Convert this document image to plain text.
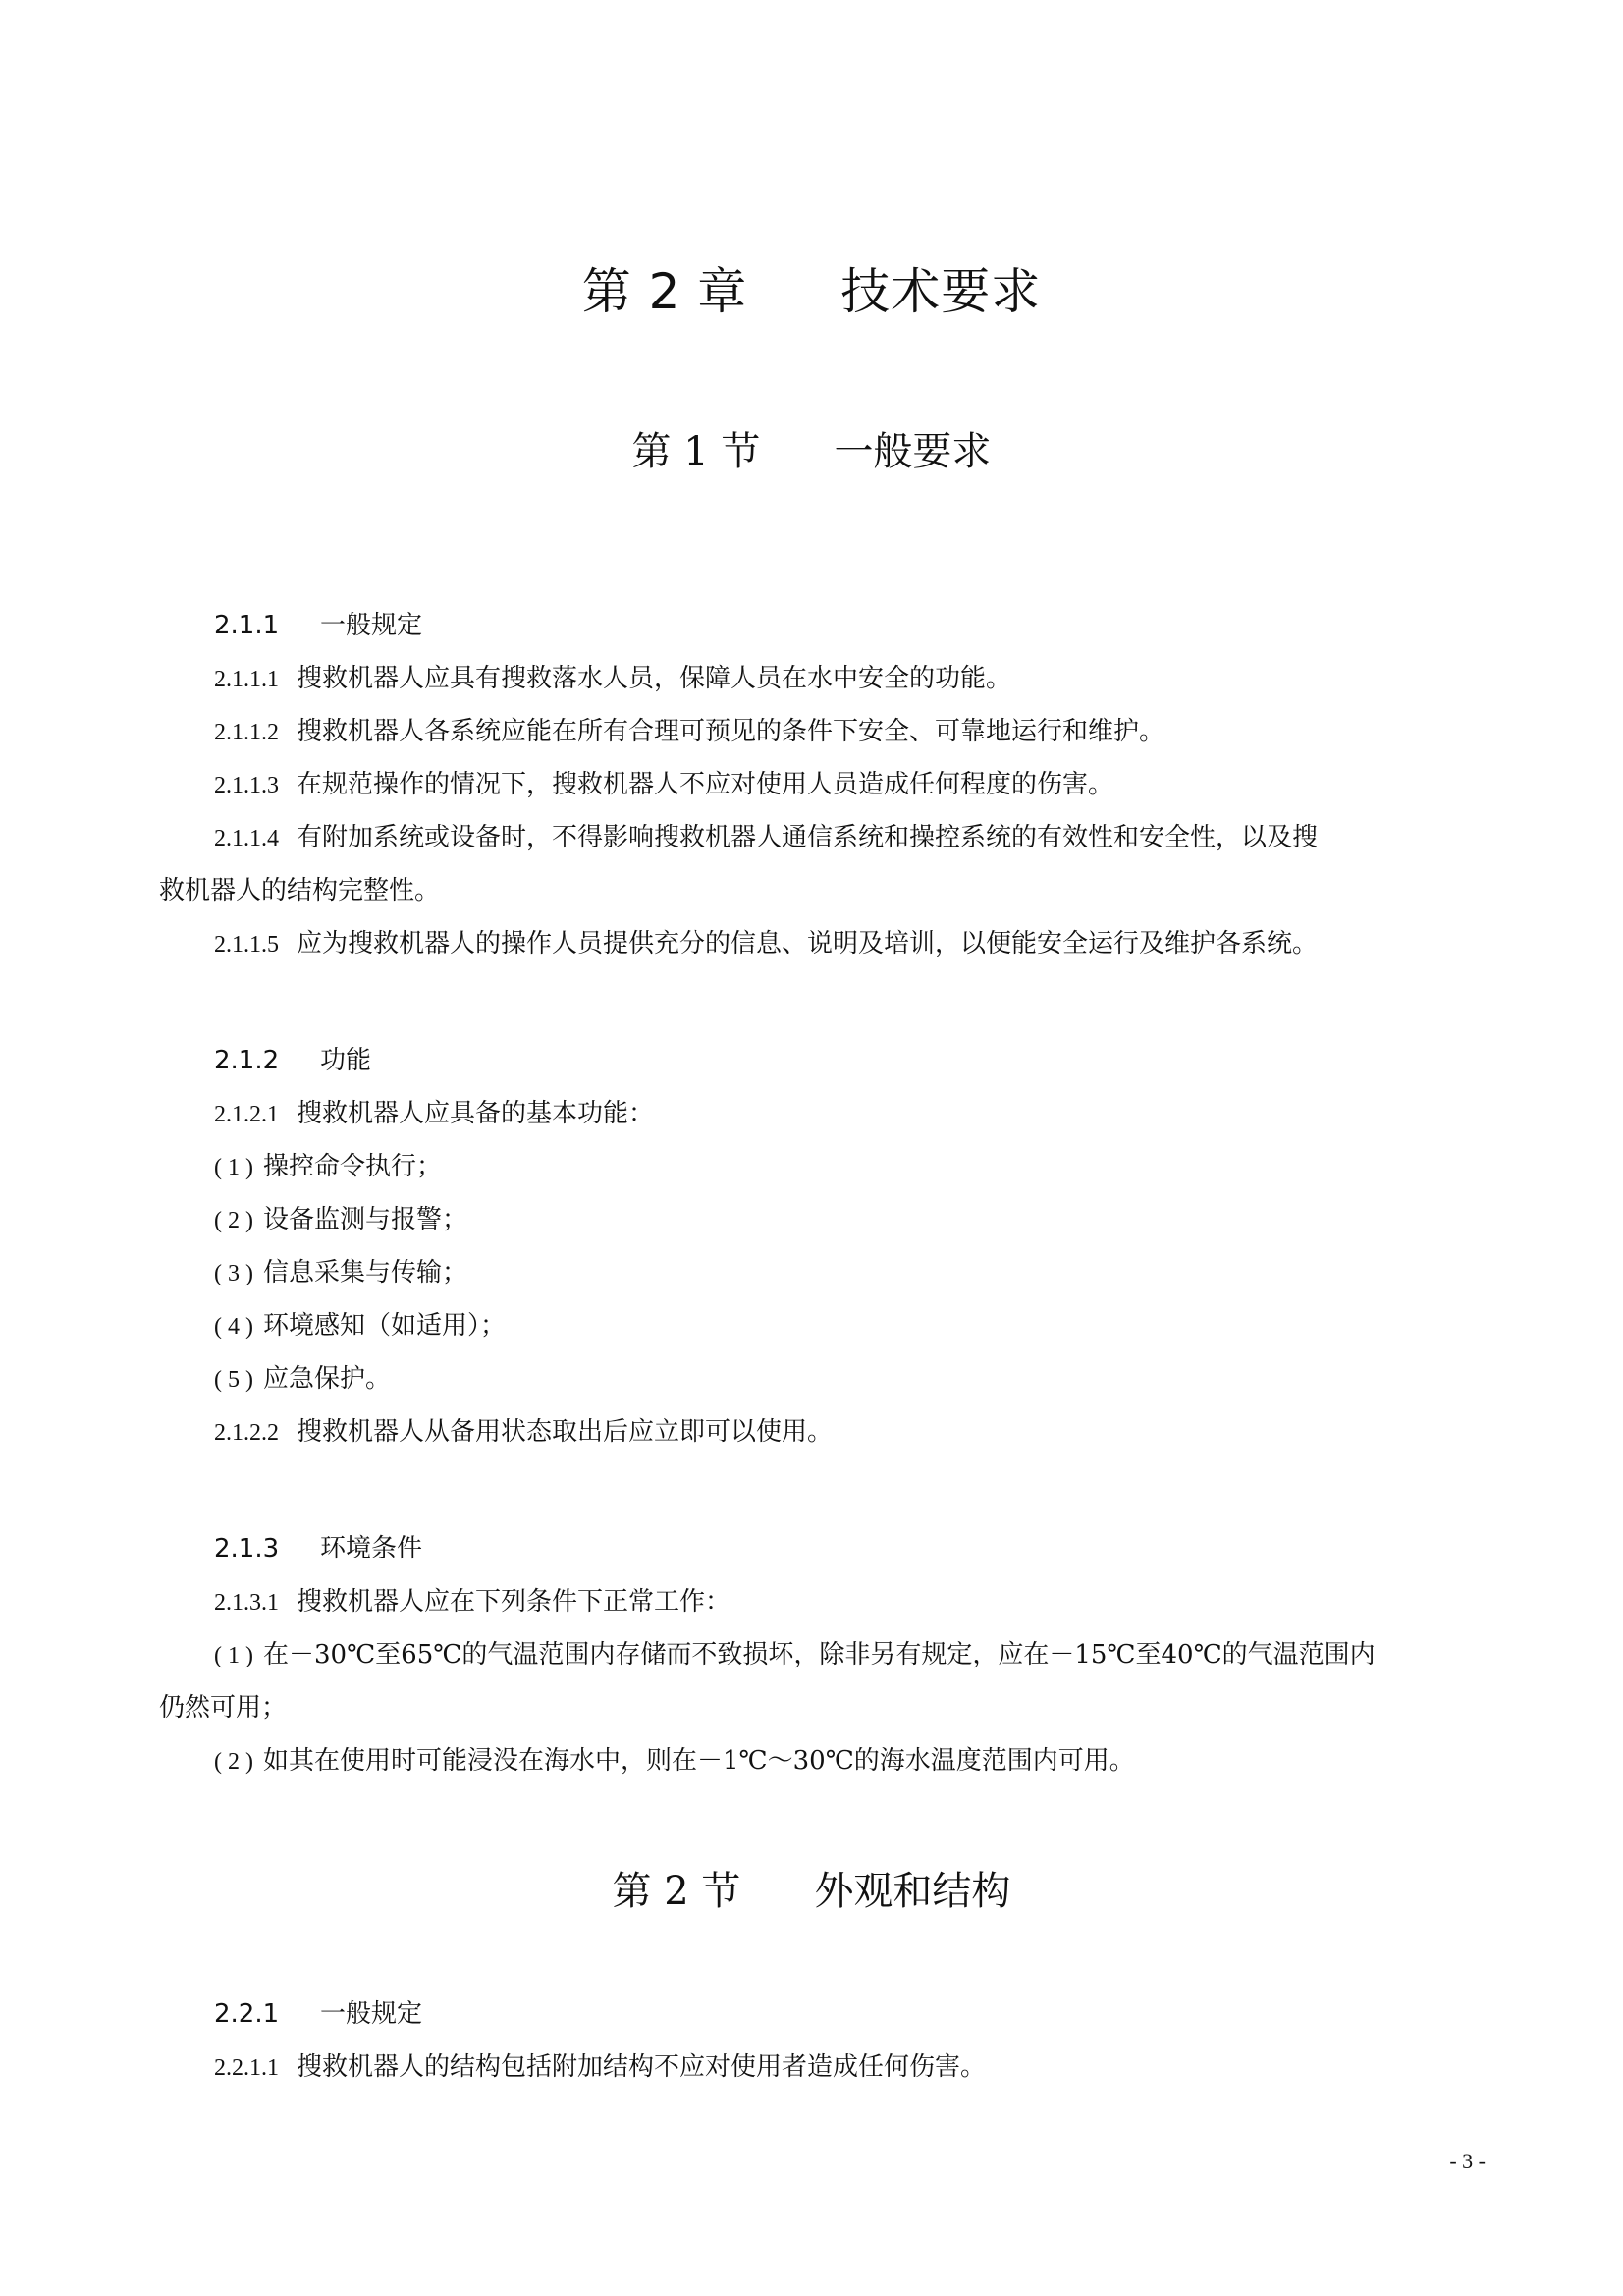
第 2 章 技术要求
第 1 节 一般要求
2.1.1 一般规定
2.1.1.1 搜救机器人应具有搜救落水人员，保障人员在水中安全的功能。
2.1.1.2 搜救机器人各系统应能在所有合理可预见的条件下安全、可靠地运行和维护。
2.1.1.3 在规范操作的情况下，搜救机器人不应对使用人员造成任何程度的伤害。
2.1.1.4 有附加系统或设备时，不得影响搜救机器人通信系统和操控系统的有效性和安全性，以及搜
救机器人的结构完整性。
2.1.1.5 应为搜救机器人的操作人员提供充分的信息、说明及培训，以便能安全运行及维护各系统。
2.1.2 功能
2.1.2.1 搜救机器人应具备的基本功能：
( 1 ) 操控命令执行；
( 2 ) 设备监测与报警；
( 3 ) 信息采集与传输；
( 4 ) 环境感知（如适用）；
( 5 ) 应急保护。
2.1.2.2 搜救机器人从备用状态取出后应立即可以使用。
2.1.3 环境条件
2.1.3.1 搜救机器人应在下列条件下正常工作：
( 1 ) 在－30℃至65℃的气温范围内存储而不致损坏，除非另有规定，应在－15℃至40℃的气温范围内
仍然可用；
( 2 ) 如其在使用时可能浸没在海水中，则在－1℃～30℃的海水温度范围内可用。
第 2 节 外观和结构
2.2.1 一般规定
2.2.1.1 搜救机器人的结构包括附加结构不应对使用者造成任何伤害。
- 3 -
